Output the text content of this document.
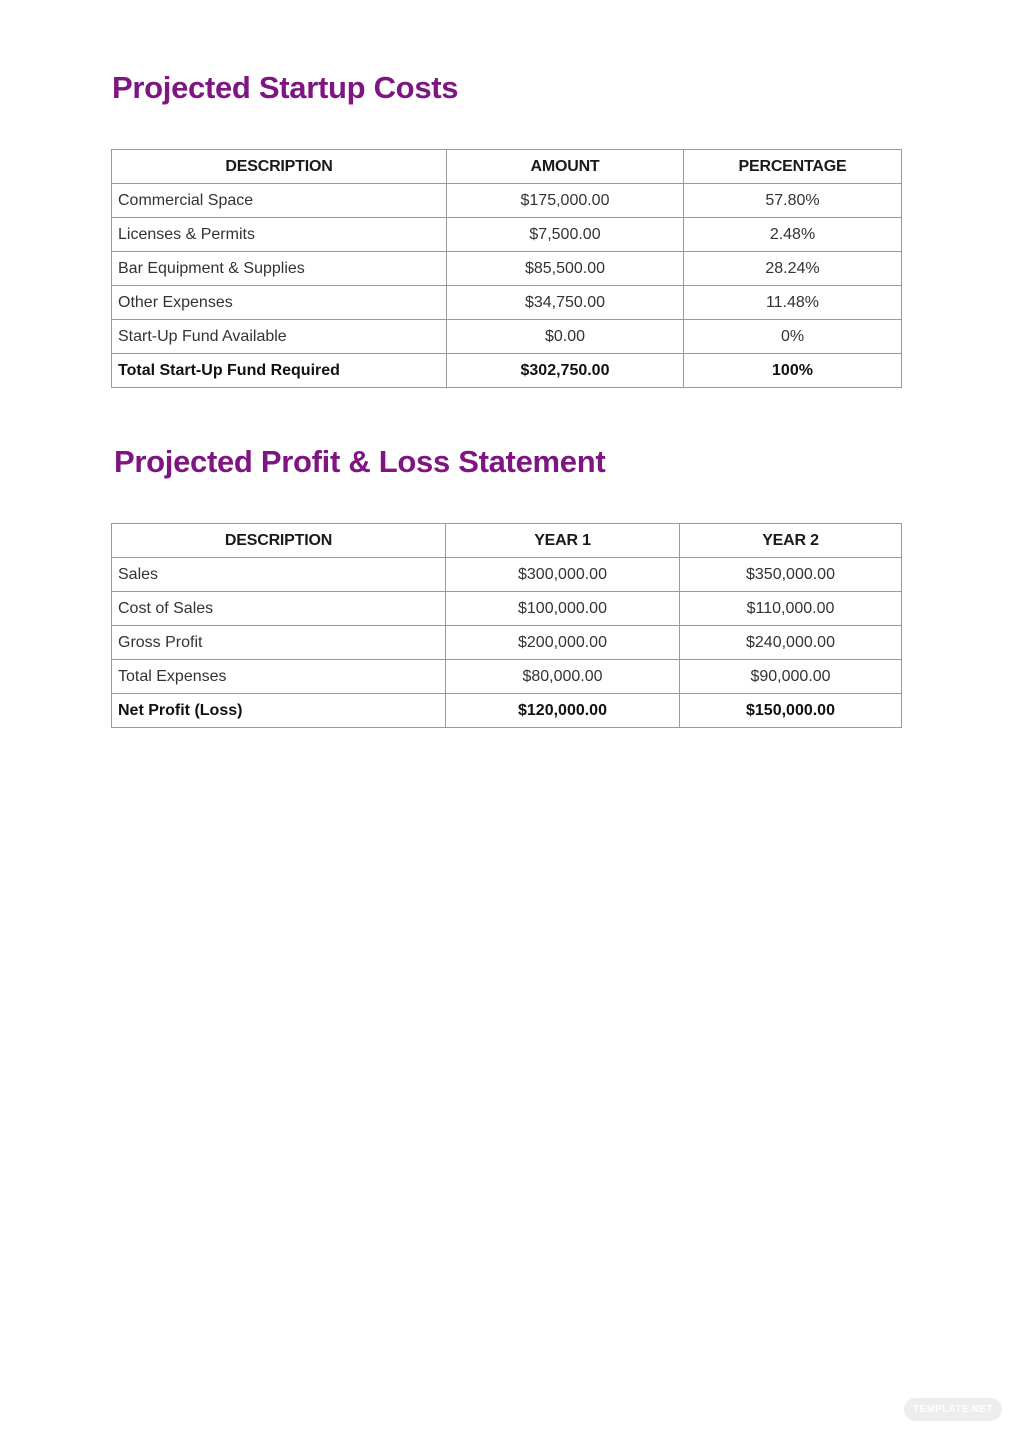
Projected Startup Costs
DESCRIPTION	AMOUNT	PERCENTAGE
Commercial Space	$175,000.00	57.80%
Licenses & Permits	$7,500.00	2.48%
Bar Equipment & Supplies	$85,500.00	28.24%
Other Expenses	$34,750.00	11.48%
Start-Up Fund Available	$0.00	0%
Total Start-Up Fund Required	$302,750.00	100%
Projected Profit & Loss Statement
DESCRIPTION	YEAR 1	YEAR 2
Sales	$300,000.00	$350,000.00
Cost of Sales	$100,000.00	$110,000.00
Gross Profit	$200,000.00	$240,000.00
Total Expenses	$80,000.00	$90,000.00
Net Profit (Loss)	$120,000.00	$150,000.00
TEMPLATE.NET
